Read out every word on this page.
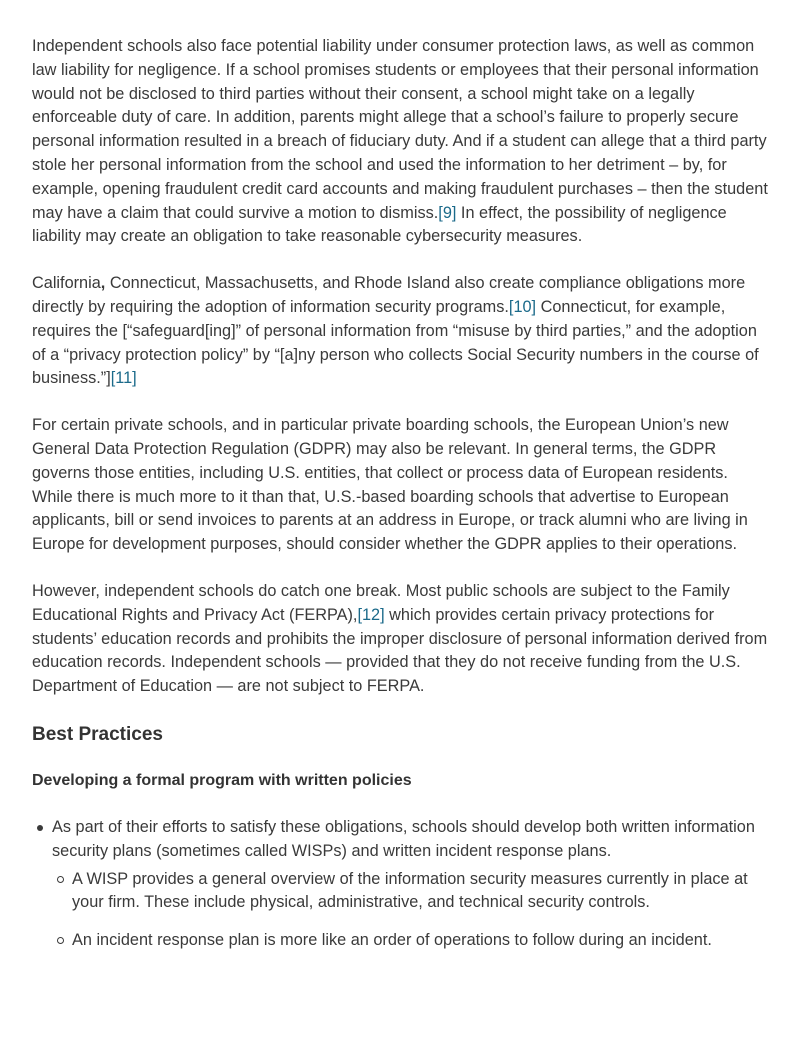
Independent schools also face potential liability under consumer protection laws, as well as common law liability for negligence. If a school promises students or employees that their personal information would not be disclosed to third parties without their consent, a school might take on a legally enforceable duty of care. In addition, parents might allege that a school’s failure to properly secure personal information resulted in a breach of fiduciary duty. And if a student can allege that a third party stole her personal information from the school and used the information to her detriment – by, for example, opening fraudulent credit card accounts and making fraudulent purchases – then the student may have a claim that could survive a motion to dismiss.[9] In effect, the possibility of negligence liability may create an obligation to take reasonable cybersecurity measures.

California, Connecticut, Massachusetts, and Rhode Island also create compliance obligations more directly by requiring the adoption of information security programs.[10] Connecticut, for example, requires the [“safeguard[ing]” of personal information from “misuse by third parties,” and the adoption of a “privacy protection policy” by “[a]ny person who collects Social Security numbers in the course of business.”][11]

For certain private schools, and in particular private boarding schools, the European Union’s new General Data Protection Regulation (GDPR) may also be relevant. In general terms, the GDPR governs those entities, including U.S. entities, that collect or process data of European residents. While there is much more to it than that, U.S.-based boarding schools that advertise to European applicants, bill or send invoices to parents at an address in Europe, or track alumni who are living in Europe for development purposes, should consider whether the GDPR applies to their operations.

However, independent schools do catch one break. Most public schools are subject to the Family Educational Rights and Privacy Act (FERPA),[12] which provides certain privacy protections for students’ education records and prohibits the improper disclosure of personal information derived from education records. Independent schools — provided that they do not receive funding from the U.S. Department of Education — are not subject to FERPA.

Best Practices
Developing a formal program with written policies
As part of their efforts to satisfy these obligations, schools should develop both written information security plans (sometimes called WISPs) and written incident response plans.
A WISP provides a general overview of the information security measures currently in place at your firm. These include physical, administrative, and technical security controls.
An incident response plan is more like an order of operations to follow during an incident.
